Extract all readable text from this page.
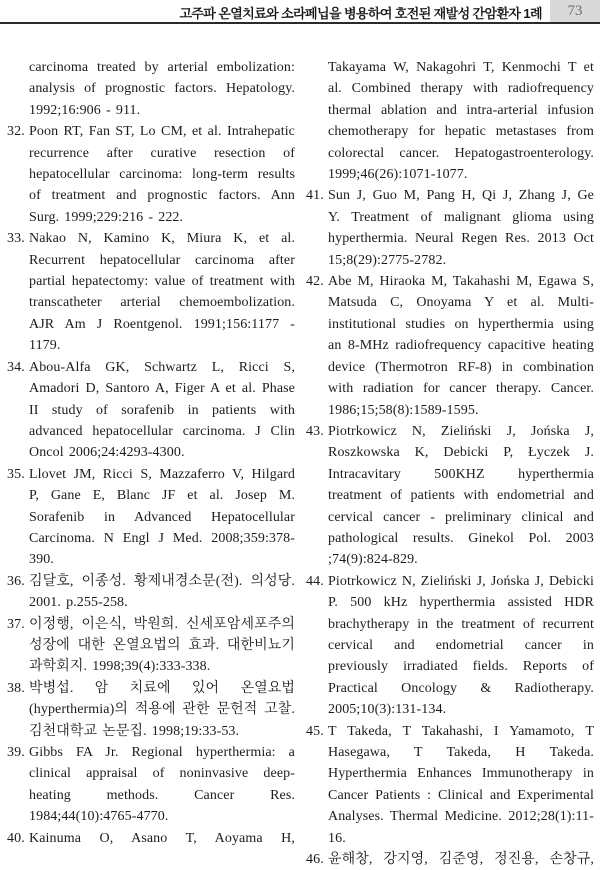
고주파 온열치료와 소라페닙을 병용하여 호전된 재발성 간암환자 1례	73
carcinoma treated by arterial embolization: analysis of prognostic factors. Hepatology. 1992;16:906 - 911.
32. Poon RT, Fan ST, Lo CM, et al. Intrahepatic recurrence after curative resection of hepatocellular carcinoma: long-term results of treatment and prognostic factors. Ann Surg. 1999;229:216 - 222.
33. Nakao N, Kamino K, Miura K, et al. Recurrent hepatocellular carcinoma after partial hepatectomy: value of treatment with transcatheter arterial chemoembolization. AJR Am J Roentgenol. 1991;156:1177 - 1179.
34. Abou-Alfa GK, Schwartz L, Ricci S, Amadori D, Santoro A, Figer A et al. Phase II study of sorafenib in patients with advanced hepatocellular carcinoma. J Clin Oncol 2006;24:4293-4300.
35. Llovet JM, Ricci S, Mazzaferro V, Hilgard P, Gane E, Blanc JF et al. Josep M. Sorafenib in Advanced Hepatocellular Carcinoma. N Engl J Med. 2008;359:378-390.
36. 김달호, 이종성. 황제내경소문(전). 의성당. 2001. p.255-258.
37. 이정행, 이은식, 박원희. 신세포암세포주의 성장에 대한 온열요법의 효과. 대한비뇨기과학회지. 1998;39(4):333-338.
38. 박병섭. 암 치료에 있어 온열요법(hyperthermia)의 적용에 관한 문헌적 고찰. 김천대학교 논문집. 1998;19:33-53.
39. Gibbs FA Jr. Regional hyperthermia: a clinical appraisal of noninvasive deep-heating methods. Cancer Res. 1984;44(10):4765-4770.
40. Kainuma O, Asano T, Aoyama H,
Takayama W, Nakagohri T, Kenmochi T et al. Combined therapy with radiofrequency thermal ablation and intra-arterial infusion chemotherapy for hepatic metastases from colorectal cancer. Hepatogastroenterology. 1999;46(26):1071-1077.
41. Sun J, Guo M, Pang H, Qi J, Zhang J, Ge Y. Treatment of malignant glioma using hyperthermia. Neural Regen Res. 2013 Oct 15;8(29):2775-2782.
42. Abe M, Hiraoka M, Takahashi M, Egawa S, Matsuda C, Onoyama Y et al. Multi-institutional studies on hyperthermia using an 8-MHz radiofrequency capacitive heating device (Thermotron RF-8) in combination with radiation for cancer therapy. Cancer. 1986;15;58(8):1589-1595.
43. Piotrkowicz N, Zieliński J, Jońska J, Roszkowska K, Debicki P, Łyczek J. Intracavitary 500KHZ hyperthermia treatment of patients with endometrial and cervical cancer - preliminary clinical and pathological results. Ginekol Pol. 2003 ;74(9):824-829.
44. Piotrkowicz N, Zieliński J, Jońska J, Debicki P. 500 kHz hyperthermia assisted HDR brachytherapy in the treatment of recurrent cervical and endometrial cancer in previously irradiated fields. Reports of Practical Oncology & Radiotherapy. 2005;10(3):131-134.
45. T Takeda, T Takahashi, I Yamamoto, T Hasegawa, T Takeda, H Takeda. Hyperthermia Enhances Immunotherapy in Cancer Patients : Clinical and Experimental Analyses. Thermal Medicine. 2012;28(1):11-16.
46. 윤해창, 강지영, 김준영, 정진용, 손창규,
